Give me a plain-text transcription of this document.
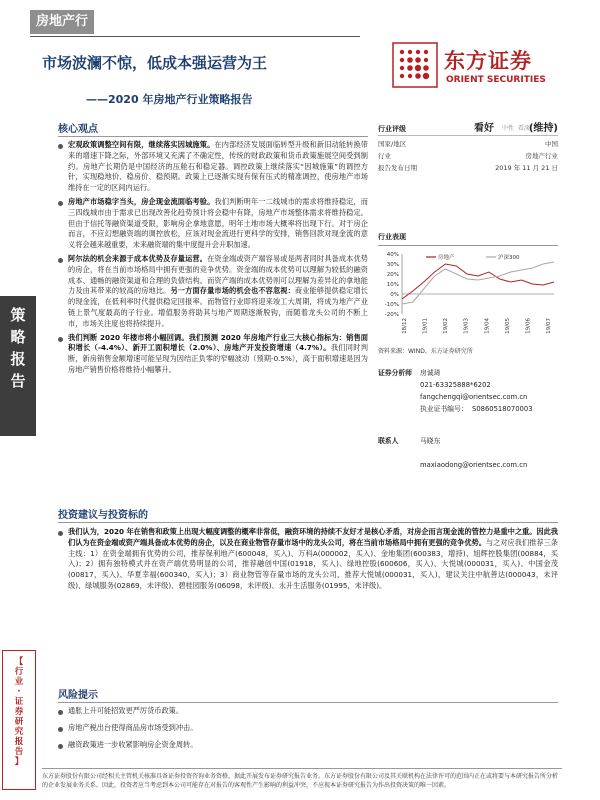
房地产行业
市场波澜不惊，低成本强运营为王
——2020 年房地产行业策略报告
东方证券
ORIENT SECURITIES
策
略
报
告
【
行
业
·
证
券
研
究
报
告
】
核心观点
宏观政策调整空间有限，继续落实因城施策。在内部经济发展面临转型升级和新旧动能转换带来的增速下降之际，外部环境又充满了不确定性，传统的财政政策和货币政策施展空间受到制约。房地产长期仍是中国经济的压舱石和稳定器。调控政策上继续落实“因城施策”的调控方针，实现稳地价、稳房价、稳预期。政策上已逐渐实现有保有压式的精准调控，使房地产市场维持在一定的区间内运行。
房地产市场稳字当头，房企现金流面临考验。我们判断明年一二线城市的需求将维持稳定，而三四线城市由于需求已出现改善化趋势预计将会稳中有降，房地产市场整体需求将维持稳定。但由于信托等融资渠道受限，影响房企拿地意愿，明年土地市场大概率将出现下行。对于房企而言，不应幻想融资端的调控放松，应该对现金流进行更科学的安排，销售回款对现金流的意义将会越来越重要，未来融资端的集中度提升会升职加速。
阿尔法的机会来源于成本优势及存量运营。在资金端或资产端容易或是两者同时具备成本优势的房企，将在当前市场格局中拥有更强的竞争优势。资金端的成本优势可以理解为较低的融资成本、通畅的融资渠道和合理的负债结构。而资产端的成本优势则可以理解为差异化的拿地能力及由其带来的较高的房地比。另一方面存量市场的机会也不容忽视：商业能够提供稳定增长的现金流，在低利率时代提供稳定回报率。而物管行业即将迎来竣工大周期，将成为地产产业链上景气度最高的子行业。增值服务将助其与地产周期逐渐脱钩，而随着龙头公司的不断上市，市场关注度也将持续提升。
我们判断 2020 年楼市将小幅回调。我们预测 2020 年房地产行业三大核心指标为：销售面积增长（-4.4%）、新开工面积增长（2.0%）、房地产开发投资增速（4.7%）。我们同时判断，新房销售金额增速可能呈现为因结正负零的窄幅波动（预期-0.5%），高于面积增速是因为房地产销售价格将维持小幅攀升。
投资建议与投资标的
我们认为，2020 年在销售和政策上出现大幅度调整的概率非常低，融资环境的持续不友好才是核心矛盾，对房企而言现金流的管控力是重中之重。因此我们认为在资金端或资产端具备成本优势的房企，以及在商业物管存量市场中的龙头公司，将在当前市场格局中拥有更强的竞争优势。与之对应我们推荐三条主线：1）在资金端拥有优势的公司，推荐保利地产(600048，买入)、万科A(000002，买入)、金地集团(600383，增持)、旭辉控股集团(00884，买入)；2）拥有独特模式并在资产端优势明显的公司，推荐融创中国(01918，买入)、绿地控股(600606，买入)、大悦城(000031，买入)、中国金茂(00817，买入)、华夏幸福(600340，买入)；3）商业物管等存量市场的龙头公司，推荐大悦城(000031，买入)，建议关注中航善达(000043，未评级)、绿城服务(02869，未评级)、碧桂园服务(06098，未评级)、永升生活服务(01995，未评级)。
风险提示
通胀上升可能招致更严厉货币政策。
房地产税出台使得商品房市场受到冲击。
融资政策进一步收紧影响房企资金周转。
行业评级	看好 中性  看淡 (维持)
国家/地区	中国
行业	房地产行业
报告发布日期	2019 年 11 月 21 日
行业表现
40%
30%
20%
10%
0%
-10%
-20%
房地产	沪深300
18/12	19/01	19/02	19/03	19/04	19/05	19/06	19/07
资料来源：WIND、东方证券研究所
证券分析师 房诚琦
021-63325888*6202
fangchengqi@orientsec.com.cn
执业证书编号： S0860518070003
联系人	马晓东
maxiaodong@orientsec.com.cn
东方证券股份有限公司经相关主管机关核准具备证券投资咨询业务资格，据此开展发布证券研究报告业务。东方证券股份有限公司及其关联机构在法律许可的范围内正在或将要与本研究报告所分析的企业发展业务关系。因此，投资者应当考虑到本公司可能存在对报告的客观性产生影响的利益冲突，不应视本证券研究报告为作出投资决策的唯一因素。
